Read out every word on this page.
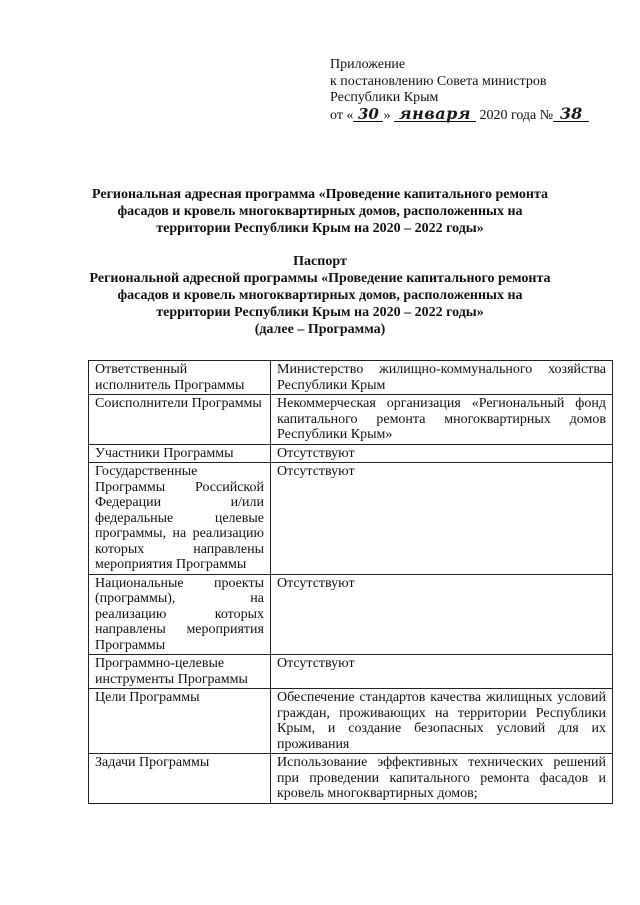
Приложение
к постановлению Совета министров
Республики Крым
от « 30 » января 2020 года № 38
Региональная адресная программа «Проведение капитального ремонта
фасадов и кровель многоквартирных домов, расположенных на
территории Республики Крым на 2020 – 2022 годы»
Паспорт
Региональной адресной программы «Проведение капитального ремонта
фасадов и кровель многоквартирных домов, расположенных на
территории Республики Крым на 2020 – 2022 годы»
(далее – Программа)
Ответственный исполнитель Программы	Министерство жилищно-коммунального хозяйства Республики Крым
Соисполнители Программы	Некоммерческая организация «Региональный фонд капитального ремонта многоквартирных домов Республики Крым»
Участники Программы	Отсутствуют
Государственные Программы Российской Федерации и/или федеральные целевые программы, на реализацию которых направлены мероприятия Программы	Отсутствуют
Национальные проекты (программы), на реализацию которых направлены мероприятия Программы	Отсутствуют
Программно-целевые инструменты Программы	Отсутствуют
Цели Программы	Обеспечение стандартов качества жилищных условий граждан, проживающих на территории Республики Крым, и создание безопасных условий для их проживания
Задачи Программы	Использование эффективных технических решений при проведении капитального ремонта фасадов и кровель многоквартирных домов;
